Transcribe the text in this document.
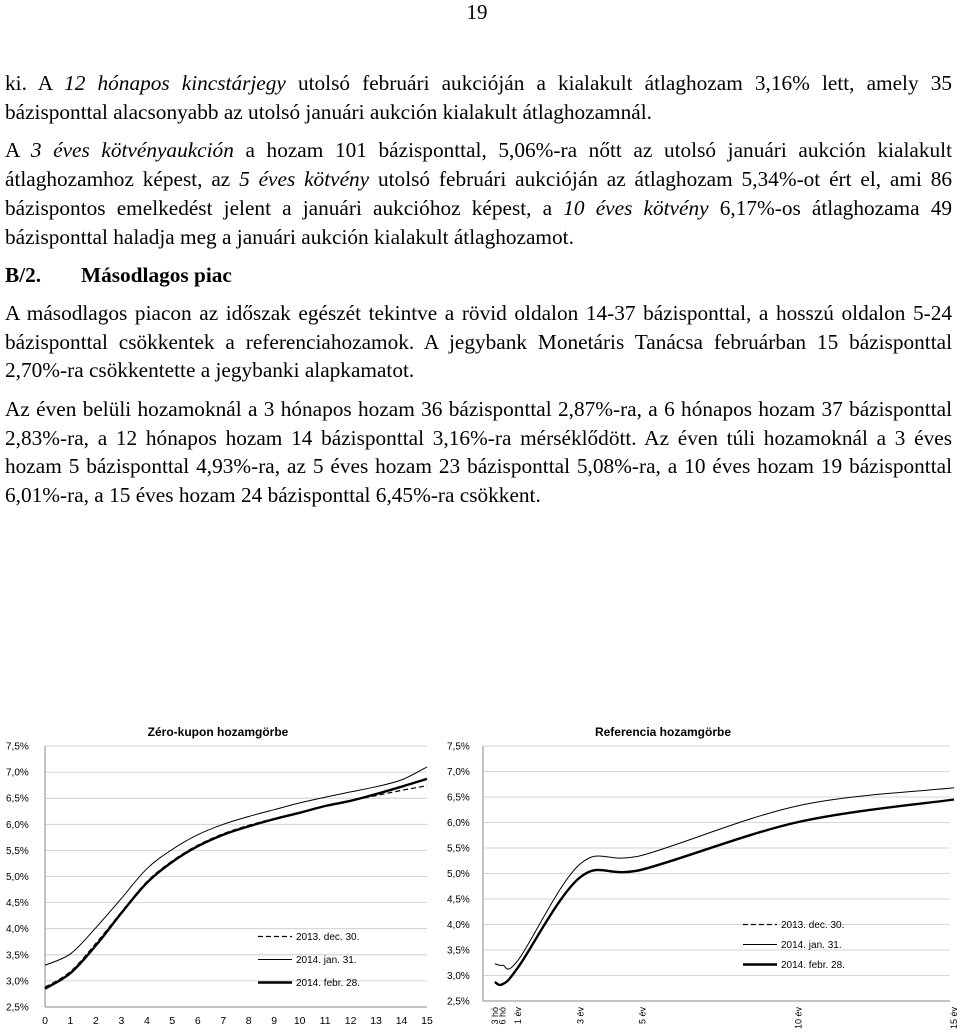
19

ki. A 12 hónapos kincstárjegy utolsó februári aukcióján a kialakult átlaghozam 3,16% lett, amely 35 bázisponttal alacsonyabb az utolsó januári aukción kialakult átlaghozamnál.

A 3 éves kötvényaukción a hozam 101 bázisponttal, 5,06%-ra nőtt az utolsó januári aukción kialakult átlaghozamhoz képest, az 5 éves kötvény utolsó februári aukcióján az átlaghozam 5,34%-ot ért el, ami 86 bázispontos emelkedést jelent a januári aukcióhoz képest, a 10 éves kötvény 6,17%-os átlaghozama 49 bázisponttal haladja meg a januári aukción kialakult átlaghozamot.

B/2. Másodlagos piac

A másodlagos piacon az időszak egészét tekintve a rövid oldalon 14-37 bázisponttal, a hosszú oldalon 5-24 bázisponttal csökkentek a referenciahozamok. A jegybank Monetáris Tanácsa februárban 15 bázisponttal 2,70%-ra csökkentette a jegybanki alapkamatot.

Az éven belüli hozamoknál a 3 hónapos hozam 36 bázisponttal 2,87%-ra, a 6 hónapos hozam 37 bázisponttal 2,83%-ra, a 12 hónapos hozam 14 bázisponttal 3,16%-ra mérséklődött. Az éven túli hozamoknál a 3 éves hozam 5 bázisponttal 4,93%-ra, az 5 éves hozam 23 bázisponttal 5,08%-ra, a 10 éves hozam 19 bázisponttal 6,01%-ra, a 15 éves hozam 24 bázisponttal 6,45%-ra csökkent.

2,5%
3,0%
3,5%
4,0%
4,5%
5,0%
5,5%
6,0%
6,5%
7,0%
7,5%
Zéro-kupon hozamgörbe
0 1 2 3 4 5 6 7 8 9 10 11 12 13 14 15
2013. dec. 30.
2014. jan. 31.
2014. febr. 28.
2,5%
3,0%
3,5%
4,0%
4,5%
5,0%
5,5%
6,0%
6,5%
7,0%
7,5%
Referencia hozamgörbe
3 hó
6 hó 1 év	3 év	5 év	10 év	15 év
2013. dec. 30.
2014. jan. 31.
2014. febr. 28.
